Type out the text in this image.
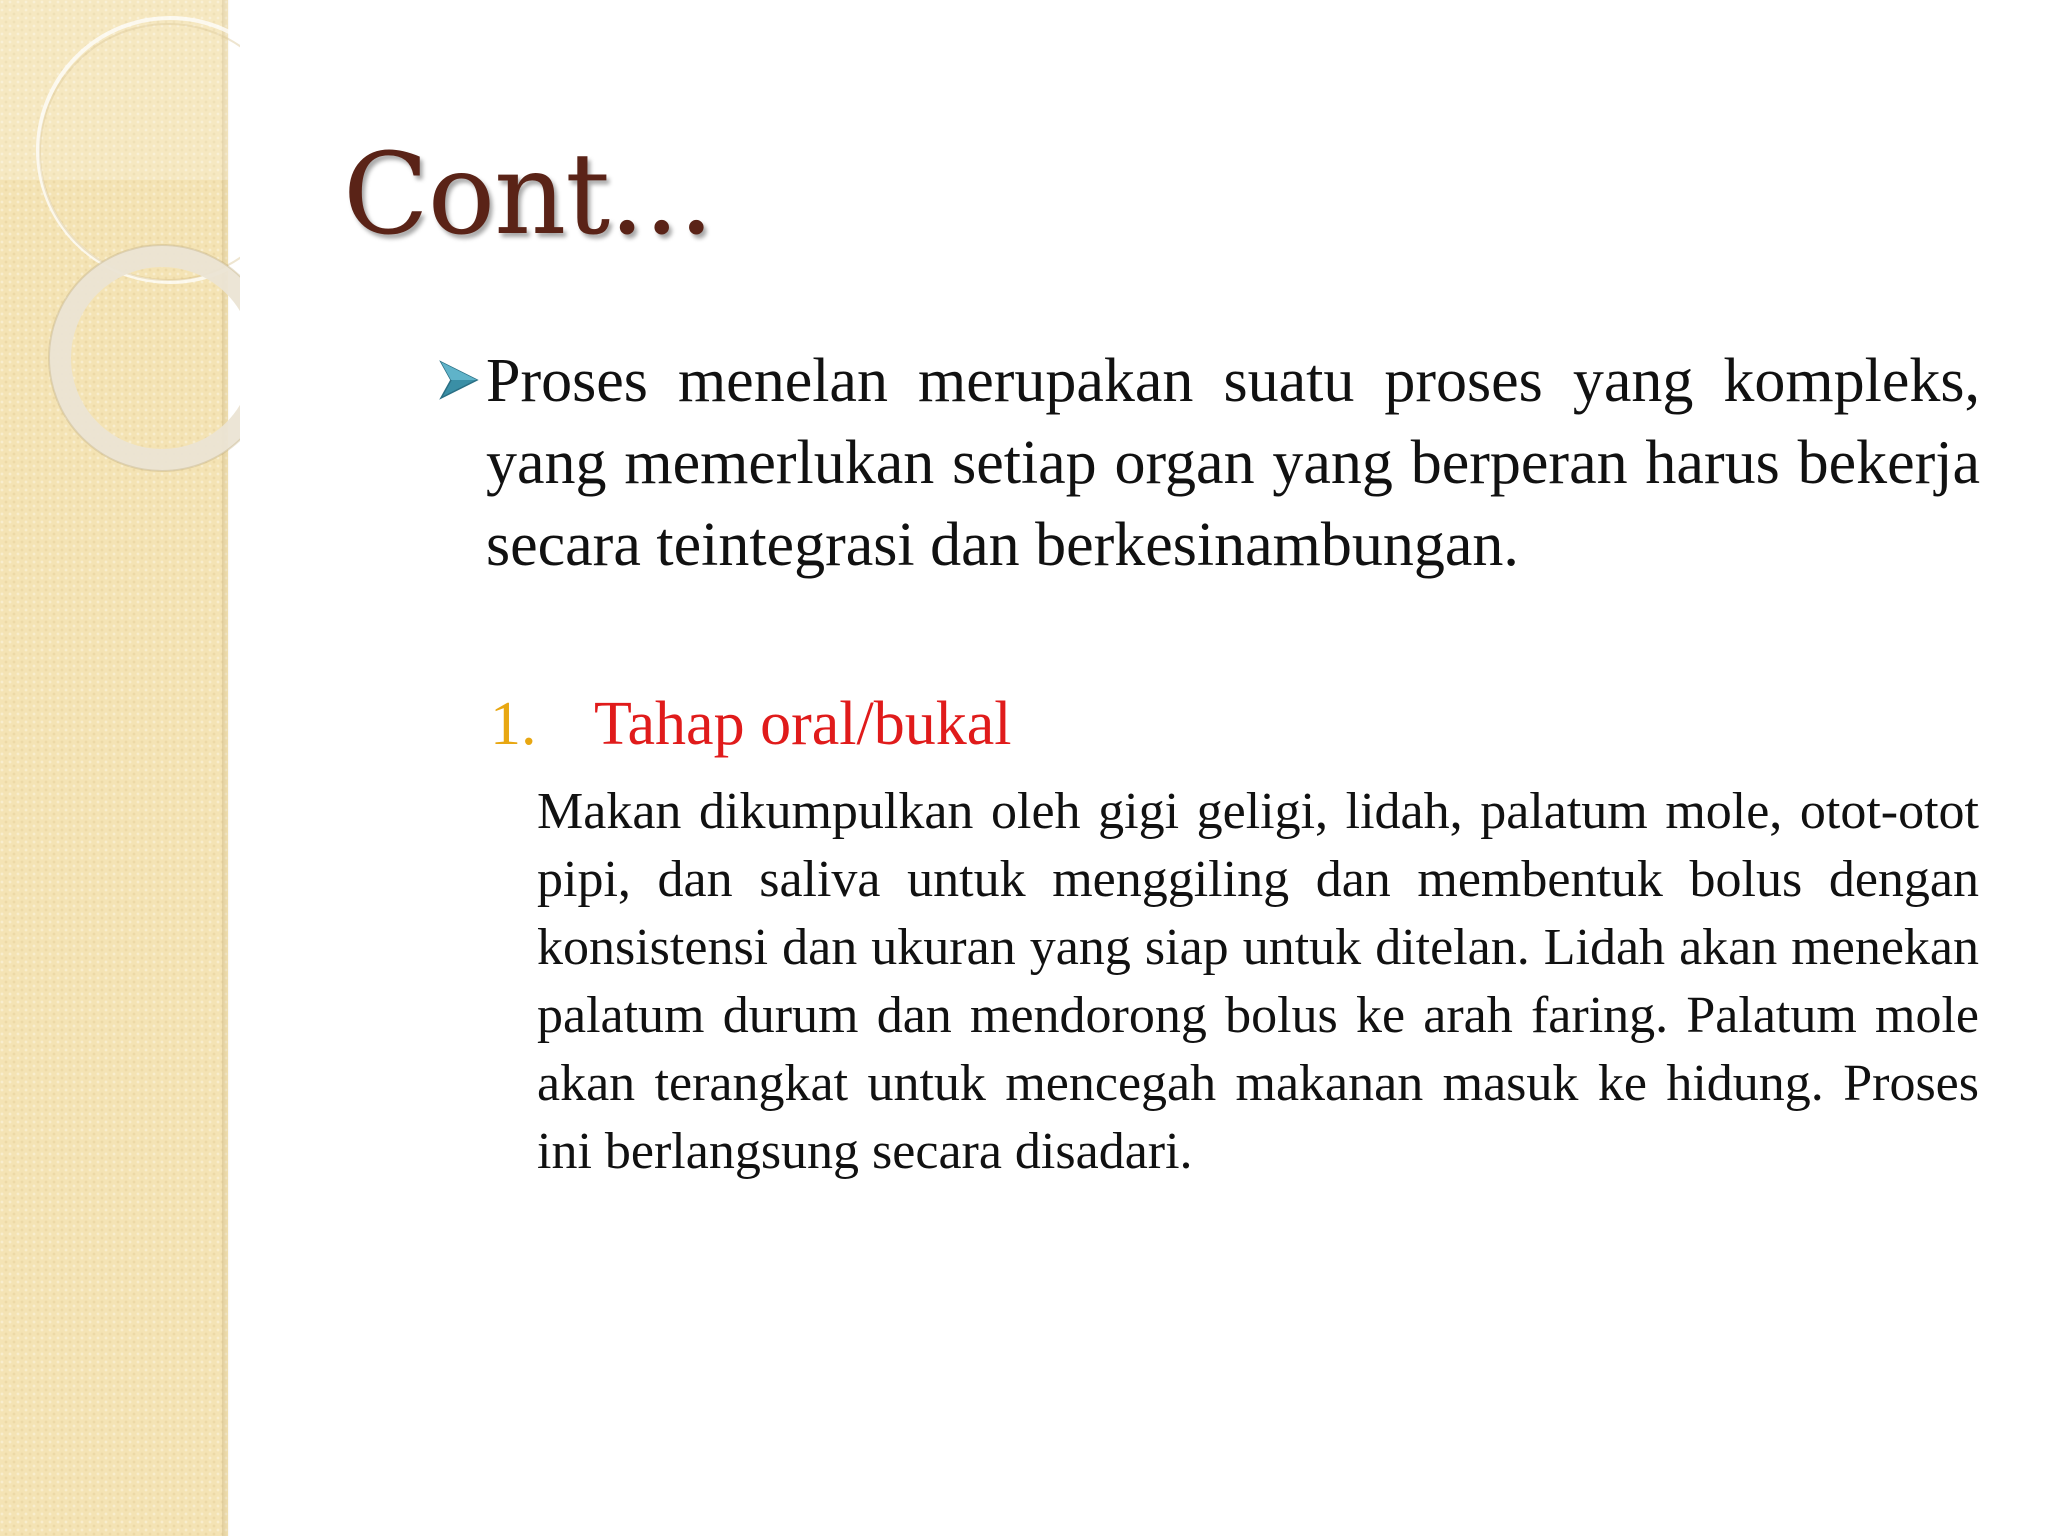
Cont...
Proses menelan merupakan suatu proses yang kompleks, yang memerlukan setiap organ yang berperan harus bekerja secara teintegrasi dan berkesinambungan.
1. Tahap oral/bukal

Makan dikumpulkan oleh gigi geligi, lidah, palatum mole, otot-otot pipi, dan saliva untuk menggiling dan membentuk bolus dengan konsistensi dan ukuran yang siap untuk ditelan. Lidah akan menekan palatum durum dan mendorong bolus ke arah faring. Palatum mole akan terangkat untuk mencegah makanan masuk ke hidung. Proses ini berlangsung secara disadari.
